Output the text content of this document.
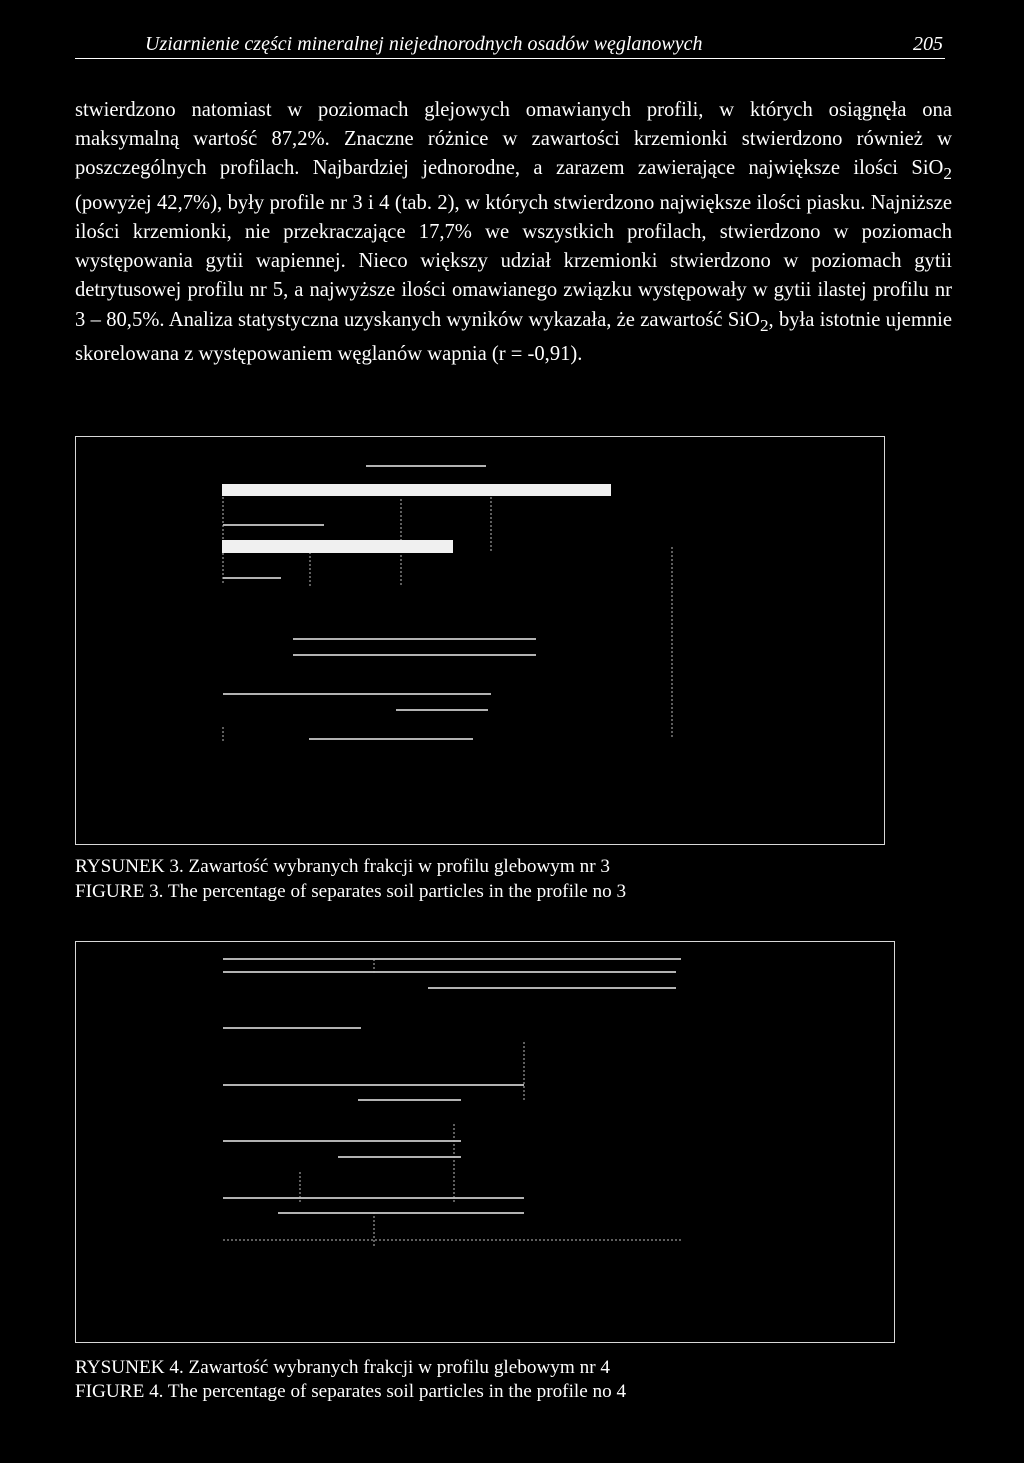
Uziarnienie części mineralnej niejednorodnych osadów węglanowych	205
stwierdzono natomiast w poziomach glejowych omawianych profili, w których osiągnęła ona maksymalną wartość 87,2%. Znaczne różnice w zawartości krzemionki stwierdzono również w poszczególnych profilach. Najbardziej jednorodne, a zarazem zawierające największe ilości SiO$_2$ (powyżej 42,7%), były profile nr 3 i 4 (tab. 2), w których stwierdzono największe ilości piasku. Najniższe ilości krzemionki, nie przekraczające 17,7% we wszystkich profilach, stwierdzono w poziomach występowania gytii wapiennej. Nieco większy udział krzemionki stwierdzono w poziomach gytii detrytusowej profilu nr 5, a najwyższe ilości omawianego związku występowały w gytii ilastej profilu nr 3 – 80,5%. Analiza statystyczna uzyskanych wyników wykazała, że zawartość SiO$_2$, była istotnie ujemnie skorelowana z występowaniem węglanów wapnia (r = -0,91).
RYSUNEK 3. Zawartość wybranych frakcji w profilu glebowym nr 3
FIGURE 3. The percentage of separates soil particles in the profile no 3
RYSUNEK 4. Zawartość wybranych frakcji w profilu glebowym nr 4
FIGURE 4. The percentage of separates soil particles in the profile no 4
